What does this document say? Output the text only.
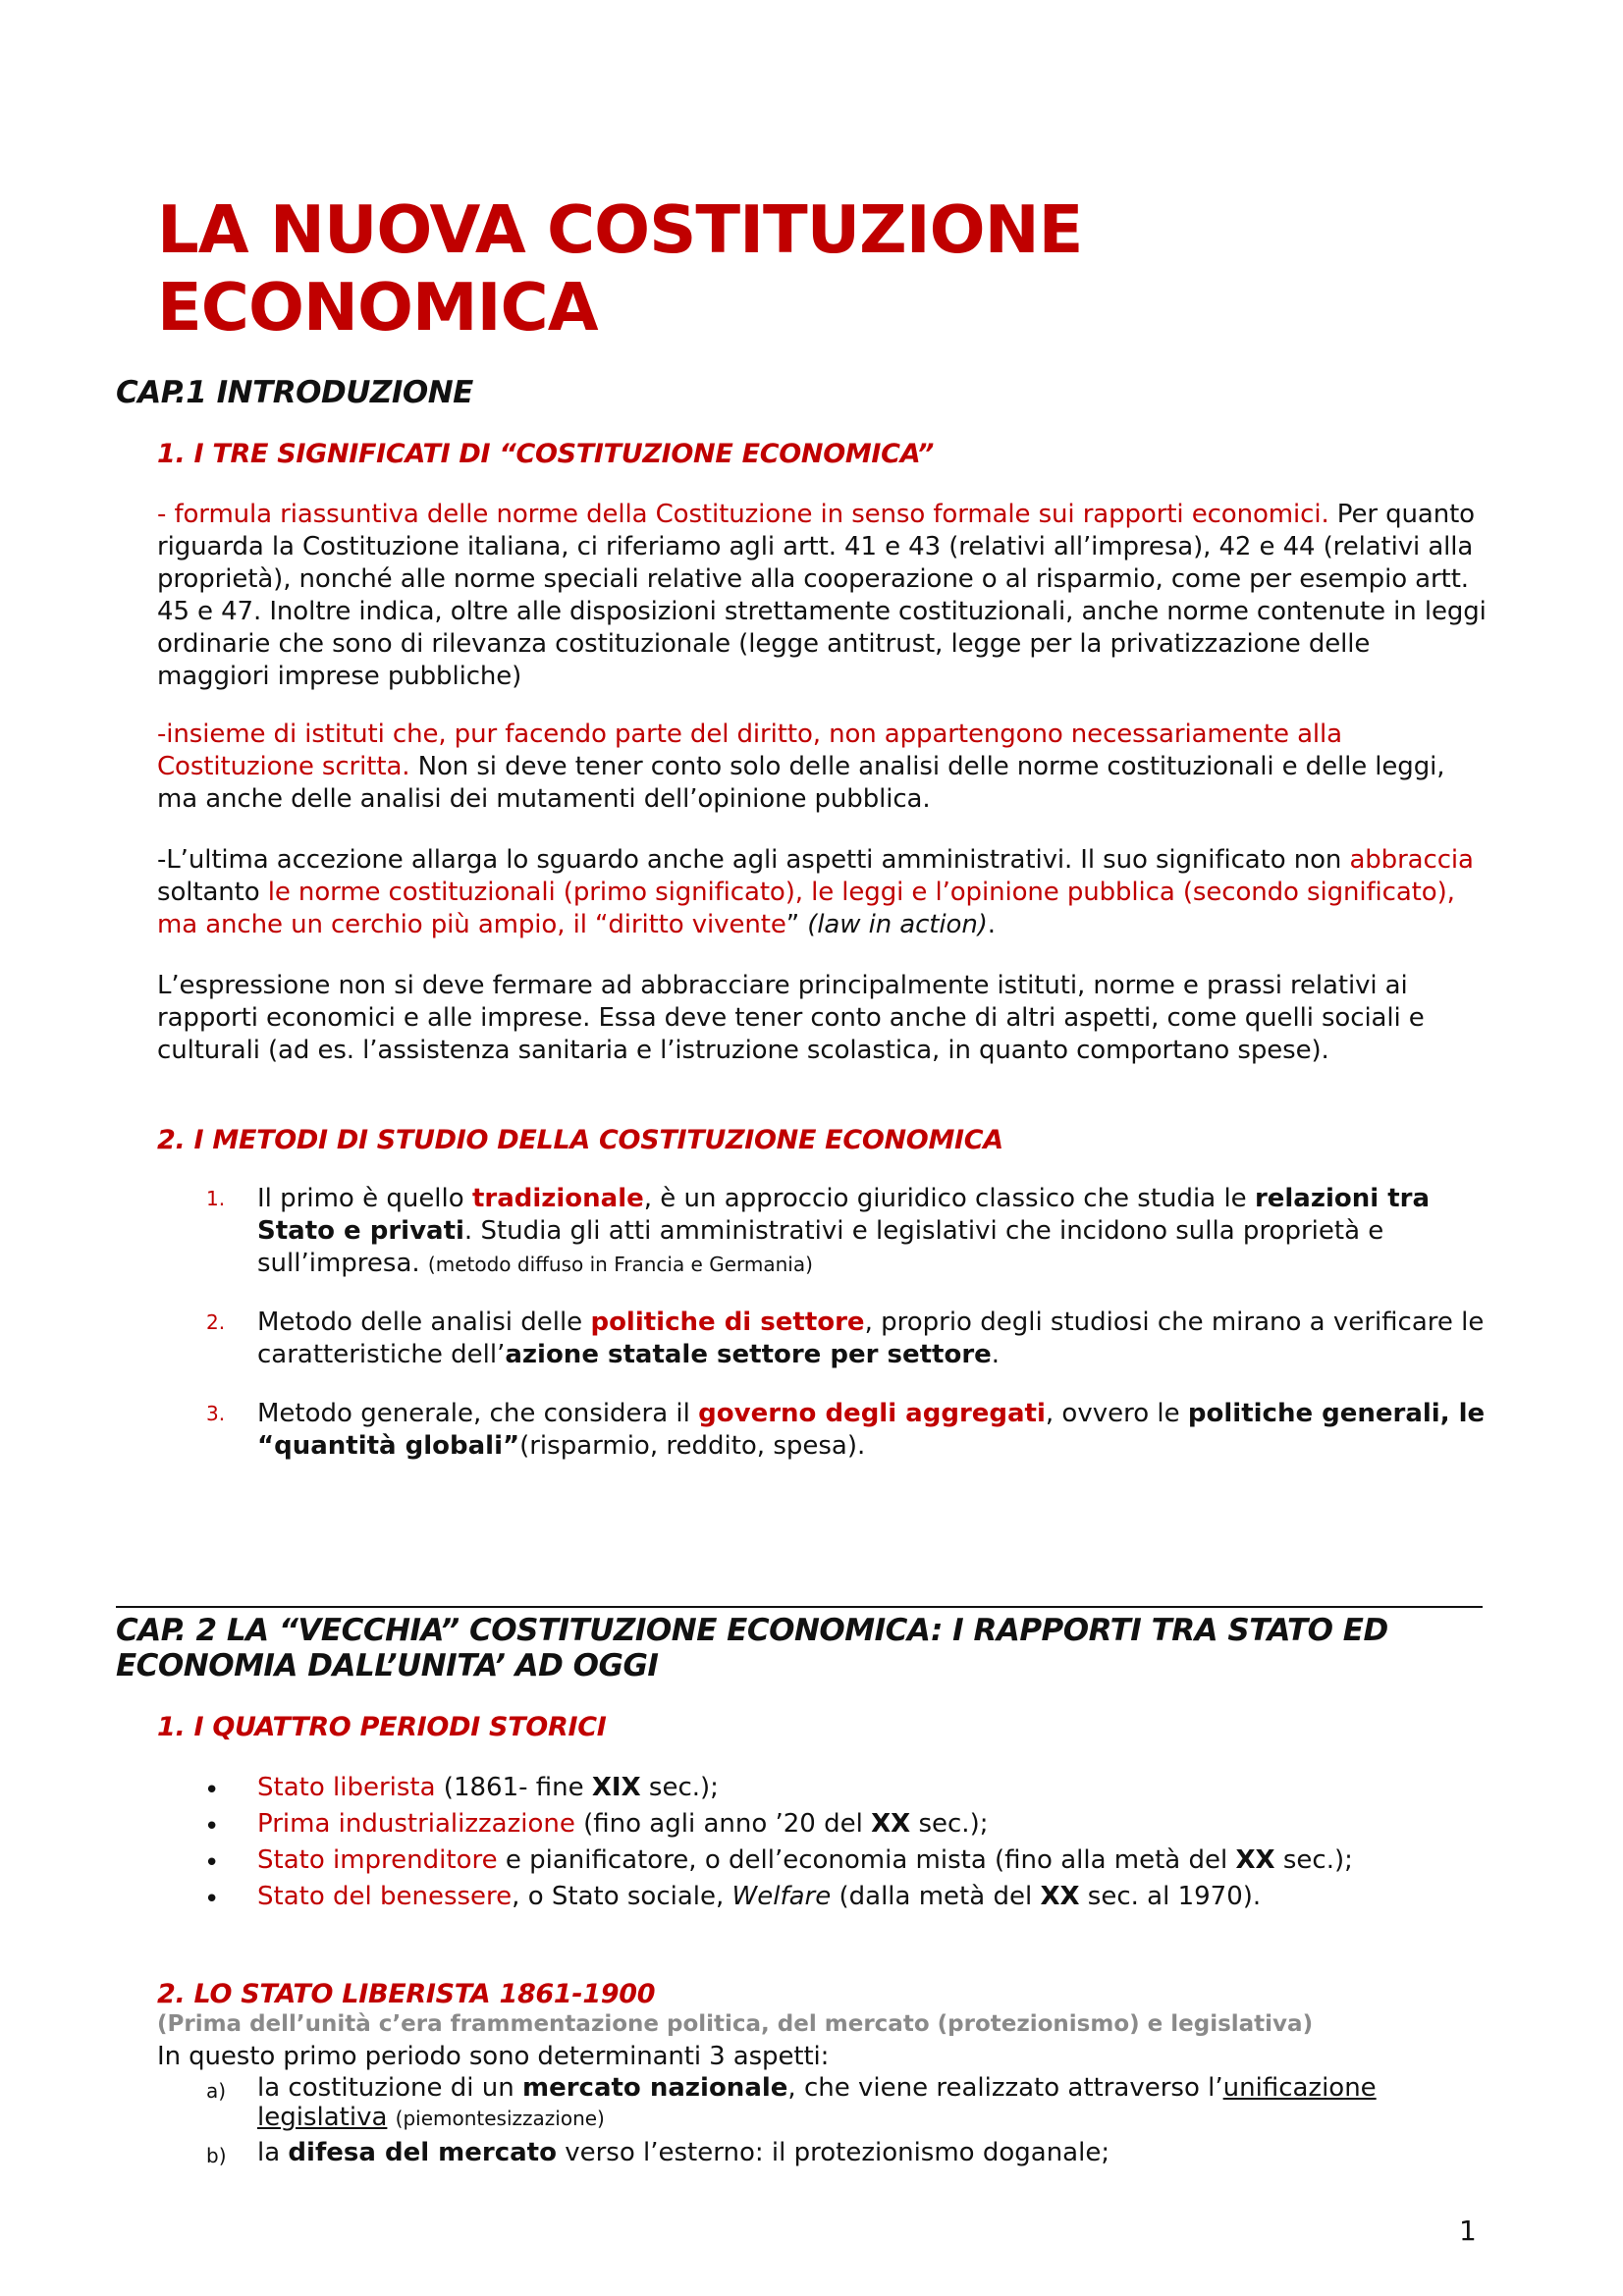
LA NUOVA COSTITUZIONE
ECONOMICA
CAP.1 INTRODUZIONE
1. I TRE SIGNIFICATI DI “COSTITUZIONE ECONOMICA”

- formula riassuntiva delle norme della Costituzione in senso formale sui rapporti economici. Per quanto riguarda la Costituzione italiana, ci riferiamo agli artt. 41 e 43 (relativi all’impresa), 42 e 44 (relativi alla proprietà), nonché alle norme speciali relative alla cooperazione o al risparmio, come per esempio artt. 45 e 47. Inoltre indica, oltre alle disposizioni strettamente costituzionali, anche norme contenute in leggi ordinarie che sono di rilevanza costituzionale (legge antitrust, legge per la privatizzazione delle maggiori imprese pubbliche)

-insieme di istituti che, pur facendo parte del diritto, non appartengono necessariamente alla Costituzione scritta. Non si deve tener conto solo delle analisi delle norme costituzionali e delle leggi, ma anche delle analisi dei mutamenti dell’opinione pubblica.

-L’ultima accezione allarga lo sguardo anche agli aspetti amministrativi. Il suo significato non abbraccia soltanto le norme costituzionali (primo significato), le leggi e l’opinione pubblica (secondo significato), ma anche un cerchio più ampio, il “diritto vivente” (law in action).

L’espressione non si deve fermare ad abbracciare principalmente istituti, norme e prassi relativi ai rapporti economici e alle imprese. Essa deve tener conto anche di altri aspetti, come quelli sociali e culturali (ad es. l’assistenza sanitaria e l’istruzione scolastica, in quanto comportano spese).

2. I METODI DI STUDIO DELLA COSTITUZIONE ECONOMICA
1. Il primo è quello tradizionale, è un approccio giuridico classico che studia le relazioni tra Stato e privati. Studia gli atti amministrativi e legislativi che incidono sulla proprietà e sull’impresa. (metodo diffuso in Francia e Germania)
2. Metodo delle analisi delle politiche di settore, proprio degli studiosi che mirano a verificare le caratteristiche dell’azione statale settore per settore.
3. Metodo generale, che considera il governo degli aggregati, ovvero le politiche generali, le “quantità globali”(risparmio, reddito, spesa).
CAP. 2 LA “VECCHIA” COSTITUZIONE ECONOMICA: I RAPPORTI TRA STATO ED
ECONOMIA DALL’UNITA’ AD OGGI
1. I QUATTRO PERIODI STORICI
• Stato liberista (1861- fine XIX sec.);
• Prima industrializzazione (fino agli anno ’20 del XX sec.);
• Stato imprenditore e pianificatore, o dell’economia mista (fino alla metà del XX sec.);
• Stato del benessere, o Stato sociale, Welfare (dalla metà del XX sec. al 1970).
2. LO STATO LIBERISTA 1861-1900
(Prima dell’unità c’era frammentazione politica, del mercato (protezionismo) e legislativa)

In questo primo periodo sono determinanti 3 aspetti:

a) la costituzione di un mercato nazionale, che viene realizzato attraverso l’unificazione legislativa (piemontesizzazione)
b) la difesa del mercato verso l’esterno: il protezionismo doganale;
1
